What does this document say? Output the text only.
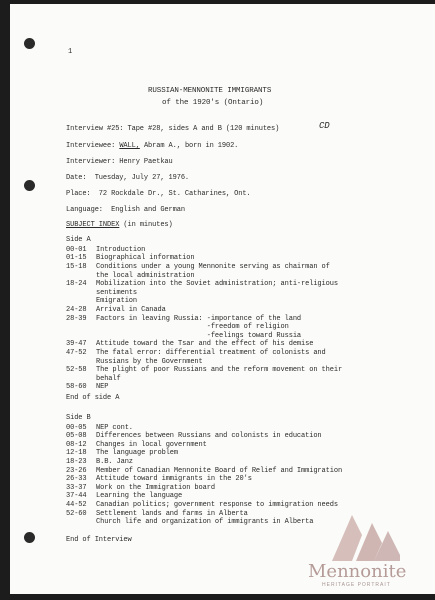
1
RUSSIAN-MENNONITE IMMIGRANTS
of the 1920's (Ontario)
Interview #25: Tape #28, sides A and B (120 minutes)	CD
Interviewee: WALL, Abram A., born in 1902.
Interviewer: Henry Paetkau
Date:  Tuesday, July 27, 1976.
Place:  72 Rockdale Dr., St. Catharines, Ont.
Language:  English and German
SUBJECT INDEX (in minutes)
End of Interview
Mennonite
HERITAGE PORTRAIT
Side A
00-01 Introduction
01-15 Biographical information
15-18 Conditions under a young Mennonite serving as chairman of
the local administration
18-24 Mobilization into the Soviet administration; anti-religious
sentiments
Emigration
24-28 Arrival in Canada
28-39 Factors in leaving Russia: -importance of the land
-freedom of religion
-feelings toward Russia
39-47 Attitude toward the Tsar and the effect of his demise
47-52 The fatal error: differential treatment of colonists and
Russians by the Government
52-58 The plight of poor Russians and the reform movement on their
behalf
58-60 NEP
End of side A
Side B
00-05 NEP cont.
05-08 Differences between Russians and colonists in education
08-12 Changes in local government
12-18 The language problem
18-23 B.B. Janz
23-26 Member of Canadian Mennonite Board of Relief and Immigration
26-33 Attitude toward immigrants in the 20's
33-37 Work on the Immigration board
37-44 Learning the language
44-52 Canadian politics; government response to immigration needs
52-60 Settlement lands and farms in Alberta
Church life and organization of immigrants in Alberta
